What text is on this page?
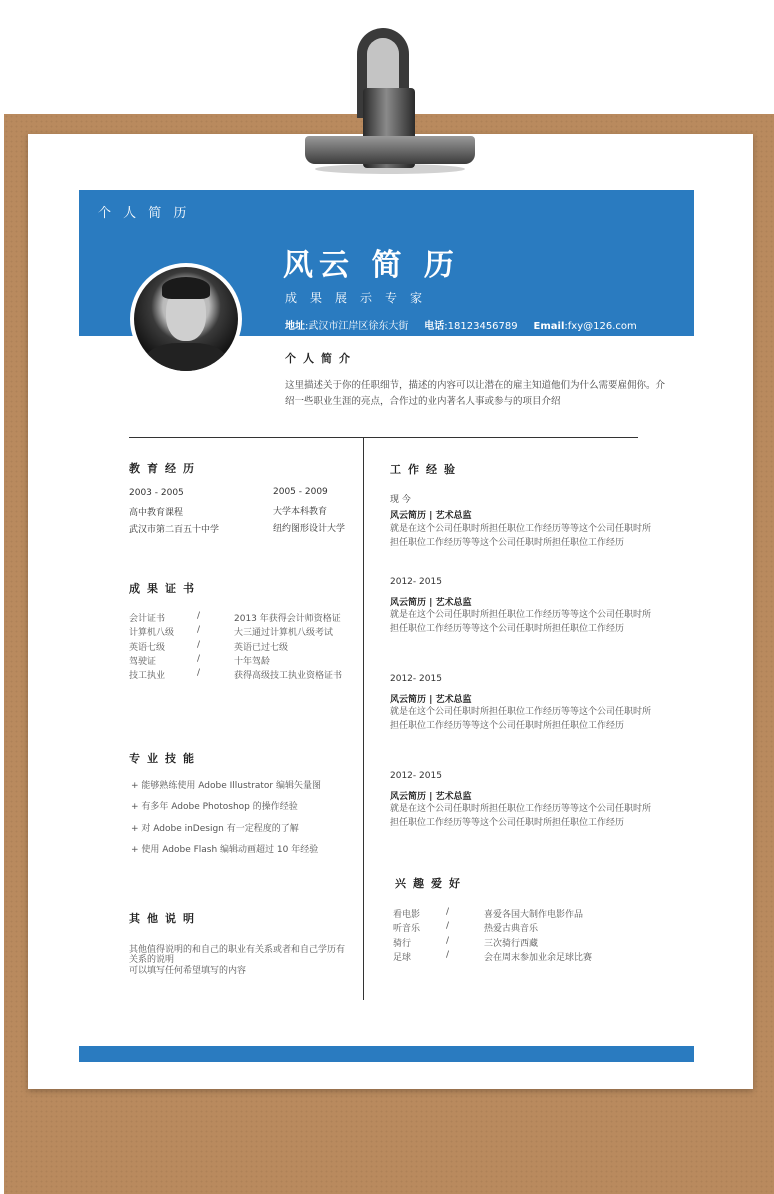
个 人 简 历
风云 简 历
成果展示专家
地址:武汉市江岸区徐东大街 电话:18123456789 Email:fxy@126.com
个人简介
这里描述关于你的任职细节，描述的内容可以让潜在的雇主知道他们为什么需要雇佣你。介绍一些职业生涯的亮点，合作过的业内著名人事或参与的项目介绍
教育经历
2003 - 2005
高中教育课程
武汉市第二百五十中学
2005 - 2009
大学本科教育
纽约图形设计大学
成果证书
会计证书	/	2013 年获得会计师资格证
计算机八级	/	大三通过计算机八级考试
英语七级	/	英语已过七级
驾驶证	/	十年驾龄
技工执业	/	获得高级技工执业资格证书
专业技能
+ 能够熟练使用 Adobe Illustrator 编辑矢量图
+ 有多年 Adobe Photoshop 的操作经验
+ 对 Adobe inDesign 有一定程度的了解
+ 使用 Adobe Flash 编辑动画超过 10 年经验
其他说明
其他值得说明的和自己的职业有关系或者和自己学历有
关系的说明
可以填写任何希望填写的内容
工作经验
现 今
风云简历 | 艺术总监
就是在这个公司任职时所担任职位工作经历等等这个公司任职时所
担任职位工作经历等等这个公司任职时所担任职位工作经历
2012- 2015
风云简历 | 艺术总监
就是在这个公司任职时所担任职位工作经历等等这个公司任职时所
担任职位工作经历等等这个公司任职时所担任职位工作经历
2012- 2015
风云简历 | 艺术总监
就是在这个公司任职时所担任职位工作经历等等这个公司任职时所
担任职位工作经历等等这个公司任职时所担任职位工作经历
2012- 2015
风云简历 | 艺术总监
就是在这个公司任职时所担任职位工作经历等等这个公司任职时所
担任职位工作经历等等这个公司任职时所担任职位工作经历
兴趣爱好
看电影	/	喜爱各国大制作电影作品
听音乐	/	热爱古典音乐
骑行	/	三次骑行西藏
足球	/	会在周末参加业余足球比赛
